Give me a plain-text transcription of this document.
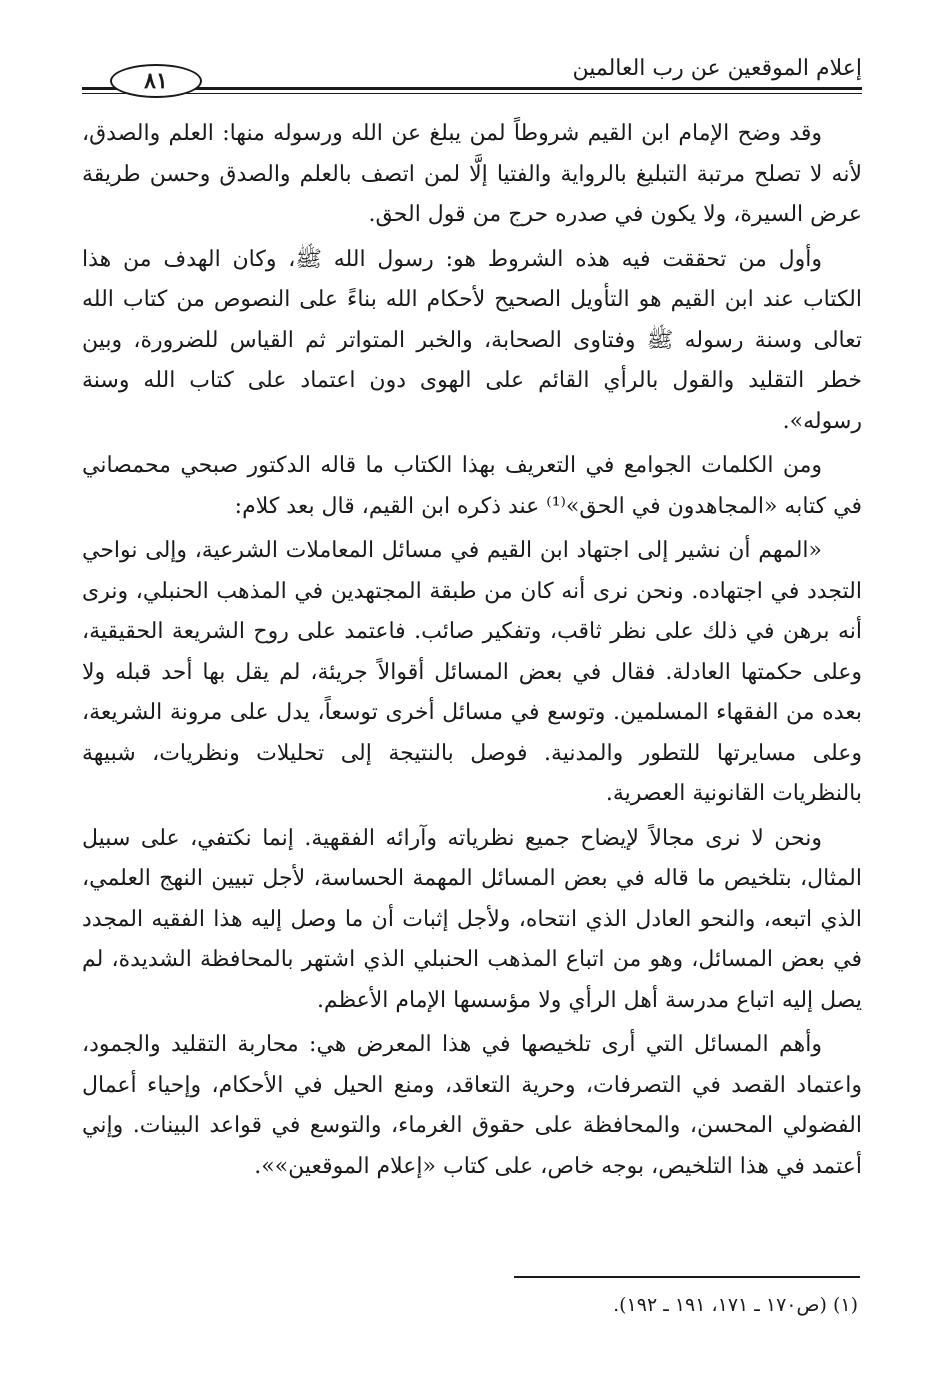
إعلام الموقعين عن رب العالمين
٨١

وقد وضح الإمام ابن القيم شروطاً لمن يبلغ عن الله ورسوله منها: العلم والصدق، لأنه لا تصلح مرتبة التبليغ بالرواية والفتيا إلَّا لمن اتصف بالعلم والصدق وحسن طريقة عرض السيرة، ولا يكون في صدره حرج من قول الحق.

وأول من تحققت فيه هذه الشروط هو: رسول الله ﷺ، وكان الهدف من هذا الكتاب عند ابن القيم هو التأويل الصحيح لأحكام الله بناءً على النصوص من كتاب الله تعالى وسنة رسوله ﷺ وفتاوى الصحابة، والخبر المتواتر ثم القياس للضرورة، وبين خطر التقليد والقول بالرأي القائم على الهوى دون اعتماد على كتاب الله وسنة رسوله».

ومن الكلمات الجوامع في التعريف بهذا الكتاب ما قاله الدكتور صبحي محمصاني في كتابه «المجاهدون في الحق»⁽¹⁾ عند ذكره ابن القيم، قال بعد كلام:

«المهم أن نشير إلى اجتهاد ابن القيم في مسائل المعاملات الشرعية، وإلى نواحي التجدد في اجتهاده. ونحن نرى أنه كان من طبقة المجتهدين في المذهب الحنبلي، ونرى أنه برهن في ذلك على نظر ثاقب، وتفكير صائب. فاعتمد على روح الشريعة الحقيقية، وعلى حكمتها العادلة. فقال في بعض المسائل أقوالاً جريئة، لم يقل بها أحد قبله ولا بعده من الفقهاء المسلمين. وتوسع في مسائل أخرى توسعاً، يدل على مرونة الشريعة، وعلى مسايرتها للتطور والمدنية. فوصل بالنتيجة إلى تحليلات ونظريات، شبيهة بالنظريات القانونية العصرية.

ونحن لا نرى مجالاً لإيضاح جميع نظرياته وآرائه الفقهية. إنما نكتفي، على سبيل المثال، بتلخيص ما قاله في بعض المسائل المهمة الحساسة، لأجل تبيين النهج العلمي، الذي اتبعه، والنحو العادل الذي انتحاه، ولأجل إثبات أن ما وصل إليه هذا الفقيه المجدد في بعض المسائل، وهو من اتباع المذهب الحنبلي الذي اشتهر بالمحافظة الشديدة، لم يصل إليه اتباع مدرسة أهل الرأي ولا مؤسسها الإمام الأعظم.

وأهم المسائل التي أرى تلخيصها في هذا المعرض هي: محاربة التقليد والجمود، واعتماد القصد في التصرفات، وحرية التعاقد، ومنع الحيل في الأحكام، وإحياء أعمال الفضولي المحسن، والمحافظة على حقوق الغرماء، والتوسع في قواعد البينات. وإني أعتمد في هذا التلخيص، بوجه خاص، على كتاب «إعلام الموقعين»».

(١) (ص١٧٠ ـ ١٧١، ١٩١ ـ ١٩٢).
